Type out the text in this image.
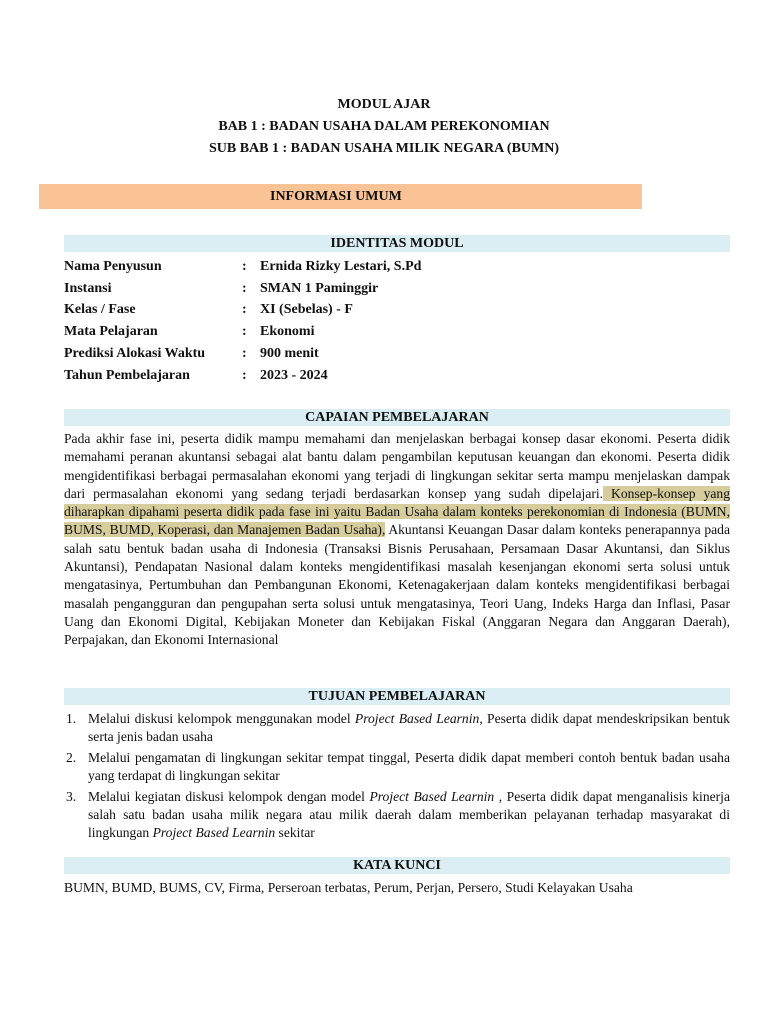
MODUL AJAR
BAB 1 : BADAN USAHA DALAM PEREKONOMIAN
SUB BAB 1 : BADAN USAHA MILIK NEGARA (BUMN)
INFORMASI UMUM
IDENTITAS MODUL
Nama Penyusun	: Ernida Rizky Lestari, S.Pd
Instansi	: SMAN 1 Paminggir
Kelas / Fase	: XI (Sebelas) - F
Mata Pelajaran	: Ekonomi
Prediksi Alokasi Waktu	: 900 menit
Tahun Pembelajaran	: 2023 - 2024
CAPAIAN PEMBELAJARAN

Pada akhir fase ini, peserta didik mampu memahami dan menjelaskan berbagai konsep dasar ekonomi. Peserta didik memahami peranan akuntansi sebagai alat bantu dalam pengambilan keputusan keuangan dan ekonomi. Peserta didik mengidentifikasi berbagai permasalahan ekonomi yang terjadi di lingkungan sekitar serta mampu menjelaskan dampak dari permasalahan ekonomi yang sedang terjadi berdasarkan konsep yang sudah dipelajari. Konsep-konsep yang diharapkan dipahami peserta didik pada fase ini yaitu Badan Usaha dalam konteks perekonomian di Indonesia (BUMN, BUMS, BUMD, Koperasi, dan Manajemen Badan Usaha), Akuntansi Keuangan Dasar dalam konteks penerapannya pada salah satu bentuk badan usaha di Indonesia (Transaksi Bisnis Perusahaan, Persamaan Dasar Akuntansi, dan Siklus Akuntansi), Pendapatan Nasional dalam konteks mengidentifikasi masalah kesenjangan ekonomi serta solusi untuk mengatasinya, Pertumbuhan dan Pembangunan Ekonomi, Ketenagakerjaan dalam konteks mengidentifikasi berbagai masalah pengangguran dan pengupahan serta solusi untuk mengatasinya, Teori Uang, Indeks Harga dan Inflasi, Pasar Uang dan Ekonomi Digital, Kebijakan Moneter dan Kebijakan Fiskal (Anggaran Negara dan Anggaran Daerah), Perpajakan, dan Ekonomi Internasional

TUJUAN PEMBELAJARAN
1. Melalui diskusi kelompok menggunakan model Project Based Learnin, Peserta didik dapat mendeskripsikan bentuk serta jenis badan usaha
2. Melalui pengamatan di lingkungan sekitar tempat tinggal, Peserta didik dapat memberi contoh bentuk badan usaha yang terdapat di lingkungan sekitar
3. Melalui kegiatan diskusi kelompok dengan model Project Based Learnin , Peserta didik dapat menganalisis kinerja salah satu badan usaha milik negara atau milik daerah dalam memberikan pelayanan terhadap masyarakat di lingkungan Project Based Learnin sekitar
KATA KUNCI

BUMN, BUMD, BUMS, CV, Firma, Perseroan terbatas, Perum, Perjan, Persero, Studi Kelayakan Usaha
